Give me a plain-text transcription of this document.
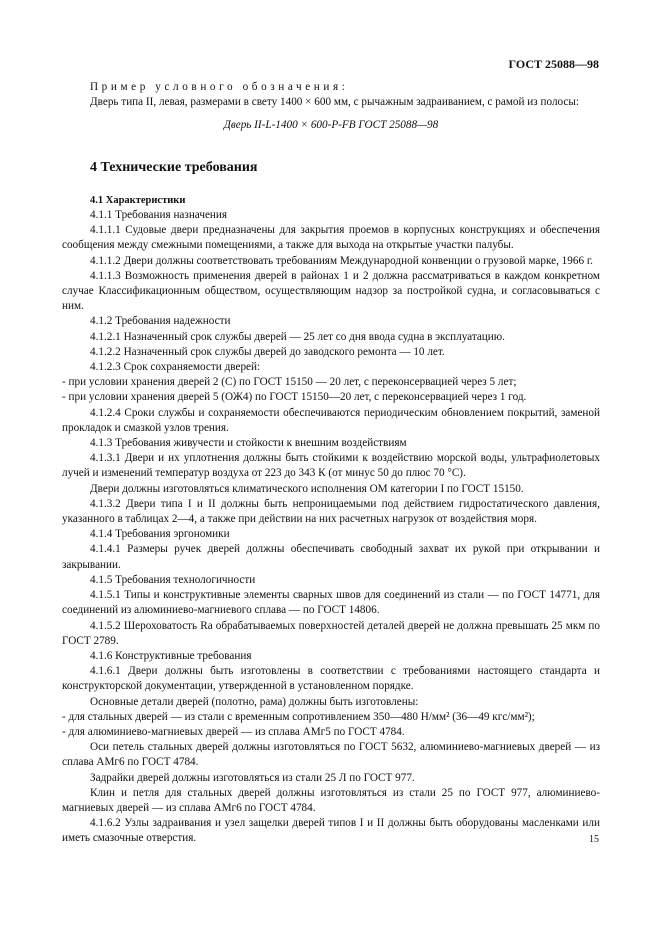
ГОСТ 25088—98

Пример условного обозначения:

Дверь типа II, левая, размерами в свету 1400 × 600 мм, с рычажным задраиванием, с рамой из полосы:

Дверь II-L-1400 × 600-P-FB ГОСТ 25088—98

4 Технические требования

4.1 Характеристики

4.1.1 Требования назначения

4.1.1.1 Судовые двери предназначены для закрытия проемов в корпусных конструкциях и обеспечения сообщения между смежными помещениями, а также для выхода на открытые участки палубы.

4.1.1.2 Двери должны соответствовать требованиям Международной конвенции о грузовой марке, 1966 г.

4.1.1.3 Возможность применения дверей в районах 1 и 2 должна рассматриваться в каждом конкретном случае Классификационным обществом, осуществляющим надзор за постройкой судна, и согласовываться с ним.

4.1.2 Требования надежности

4.1.2.1 Назначенный срок службы дверей — 25 лет со дня ввода судна в эксплуатацию.

4.1.2.2 Назначенный срок службы дверей до заводского ремонта — 10 лет.

4.1.2.3 Срок сохраняемости дверей:

- при условии хранения дверей 2 (С) по ГОСТ 15150 — 20 лет, с переконсервацией через 5 лет;

- при условии хранения дверей 5 (ОЖ4) по ГОСТ 15150—20 лет, с переконсервацией через 1 год.

4.1.2.4 Сроки службы и сохраняемости обеспечиваются периодическим обновлением покрытий, заменой прокладок и смазкой узлов трения.

4.1.3 Требования живучести и стойкости к внешним воздействиям

4.1.3.1 Двери и их уплотнения должны быть стойкими к воздействию морской воды, ультрафиолетовых лучей и изменений температур воздуха от 223 до 343 К (от минус 50 до плюс 70 °С).

Двери должны изготовляться климатического исполнения ОМ категории I по ГОСТ 15150.

4.1.3.2 Двери типа I и II должны быть непроницаемыми под действием гидростатического давления, указанного в таблицах 2—4, а также при действии на них расчетных нагрузок от воздействия моря.

4.1.4 Требования эргономики

4.1.4.1 Размеры ручек дверей должны обеспечивать свободный захват их рукой при открывании и закрывании.

4.1.5 Требования технологичности

4.1.5.1 Типы и конструктивные элементы сварных швов для соединений из стали — по ГОСТ 14771, для соединений из алюминиево-магниевого сплава — по ГОСТ 14806.

4.1.5.2 Шероховатость Ra обрабатываемых поверхностей деталей дверей не должна превышать 25 мкм по ГОСТ 2789.

4.1.6 Конструктивные требования

4.1.6.1 Двери должны быть изготовлены в соответствии с требованиями настоящего стандарта и конструкторской документации, утвержденной в установленном порядке.

Основные детали дверей (полотно, рама) должны быть изготовлены:

- для стальных дверей — из стали с временным сопротивлением 350—480 Н/мм² (36—49 кгс/мм²);

- для алюминиево-магниевых дверей — из сплава АМг5 по ГОСТ 4784.

Оси петель стальных дверей должны изготовляться по ГОСТ 5632, алюминиево-магниевых дверей — из сплава АМг6 по ГОСТ 4784.

Задрайки дверей должны изготовляться из стали 25 Л по ГОСТ 977.

Клин и петля для стальных дверей должны изготовляться из стали 25 по ГОСТ 977, алюминиево-магниевых дверей — из сплава АМг6 по ГОСТ 4784.

4.1.6.2 Узлы задраивания и узел защелки дверей типов I и II должны быть оборудованы масленками или иметь смазочные отверстия.	15
